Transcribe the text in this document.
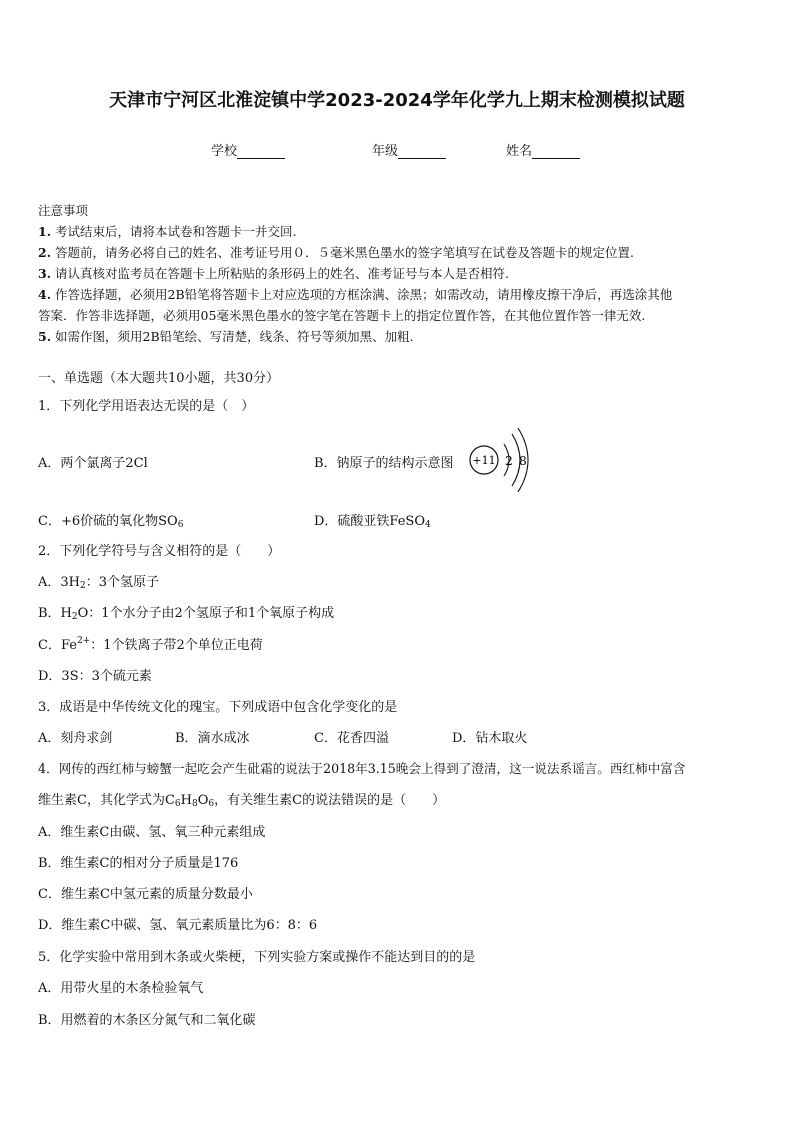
天津市宁河区北淮淀镇中学2023-2024学年化学九上期末检测模拟试题
学校	年级	姓名
注意事项
1. 考试结束后，请将本试卷和答题卡一并交回.
2. 答题前，请务必将自己的姓名、准考证号用０．５毫米黑色墨水的签字笔填写在试卷及答题卡的规定位置.
3. 请认真核对监考员在答题卡上所粘贴的条形码上的姓名、准考证号与本人是否相符.
4. 作答选择题，必须用2B铅笔将答题卡上对应选项的方框涂满、涂黑；如需改动，请用橡皮擦干净后，再选涂其他
答案．作答非选择题，必须用05毫米黑色墨水的签字笔在答题卡上的指定位置作答，在其他位置作答一律无效.
5. 如需作图，须用2B铅笔绘、写清楚，线条、符号等须加黑、加粗.
一、单选题（本大题共10小题，共30分）
1．下列化学用语表达无误的是（　）
A．两个氯离子2Cl	B．钠原子的结构示意图 +11 2 8
C．+6价硫的氧化物$SO_6$	D．硫酸亚铁FeSO$_4$
2．下列化学符号与含义相符的是（　　）
A．$3H_2$：3个氢原子
B．$H_2O$：1个水分子由2个氢原子和1个氧原子构成
C．$Fe^{2+}$：1个铁离子带2个单位正电荷
D．3S：3个硫元素
3．成语是中华传统文化的瑰宝。下列成语中包含化学变化的是
A．刻舟求剑	B．滴水成冰	C．花香四溢	D．钻木取火
4．网传的西红柿与螃蟹一起吃会产生砒霜的说法于2018年3.15晚会上得到了澄清，这一说法系谣言。西红柿中富含
维生素C，其化学式为$C_6H_8O_6$，有关维生素C的说法错误的是（　　）
A．维生素C由碳、氢、氧三种元素组成
B．维生素C的相对分子质量是176
C．维生素C中氢元素的质量分数最小
D．维生素C中碳、氢、氧元素质量比为6：8：6
5．化学实验中常用到木条或火柴梗，下列实验方案或操作不能达到目的的是
A．用带火星的木条检验氧气
B．用燃着的木条区分氮气和二氧化碳
